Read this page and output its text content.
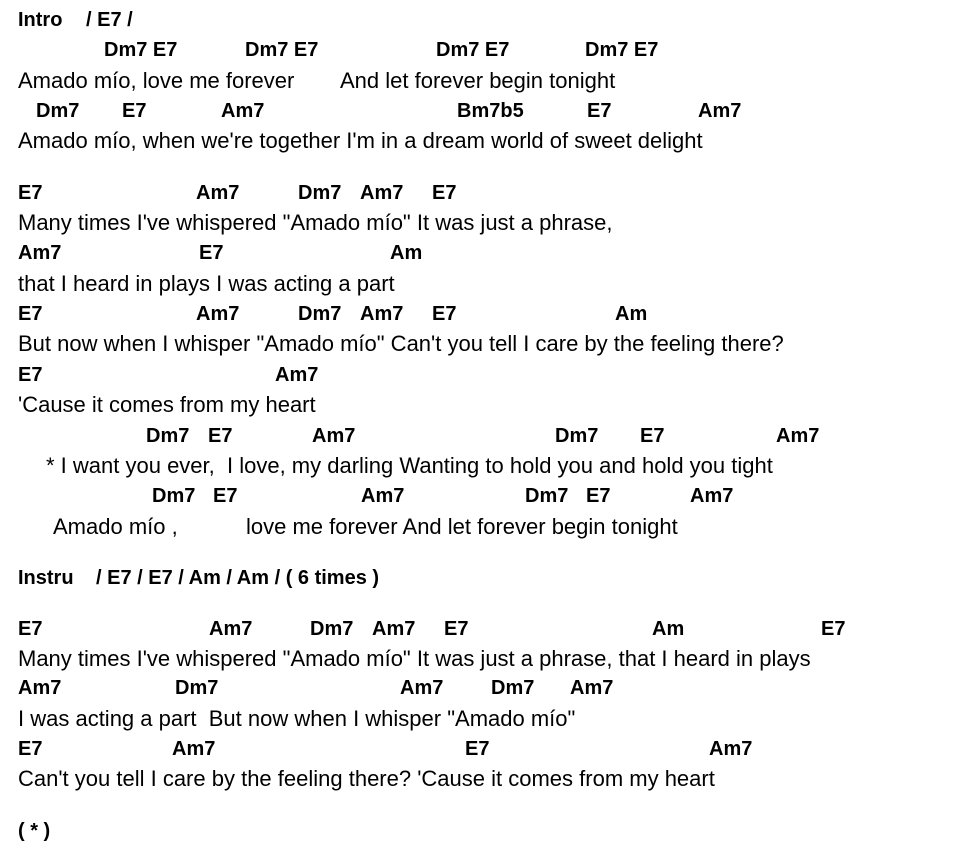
Intro / E7 /
Dm7 E7	Dm7 E7	Dm7 E7	Dm7 E7
Amado mío, love me forever And let forever begin tonight
Dm7 E7	Am7	Bm7b5	E7	Am7
Amado mío, when we're together I'm in a dream world of sweet delight
E7	Am7	Dm7 Am7 E7
Many times I've whispered "Amado mío" It was just a phrase,
Am7	E7	Am
that I heard in plays I was acting a part
E7	Am7	Dm7 Am7 E7	Am
But now when I whisper "Amado mío" Can't you tell I care by the feeling there?
E7	Am7
'Cause it comes from my heart
Dm7 E7	Am7	Dm7 E7	Am7
* I want you ever,  I love, my darling Wanting to hold you and hold you tight
Dm7 E7	Am7	Dm7 E7	Am7
Amado mío ,	love me forever And let forever begin tonight
Instru / E7 / E7 / Am / Am / ( 6 times )
E7	Am7	Dm7 Am7 E7	Am	E7
Many times I've whispered "Amado mío" It was just a phrase, that I heard in plays
Am7	Dm7	Am7 Dm7 Am7
I was acting a part  But now when I whisper "Amado mío"
E7	Am7	E7	Am7
Can't you tell I care by the feeling there? 'Cause it comes from my heart
( * )
